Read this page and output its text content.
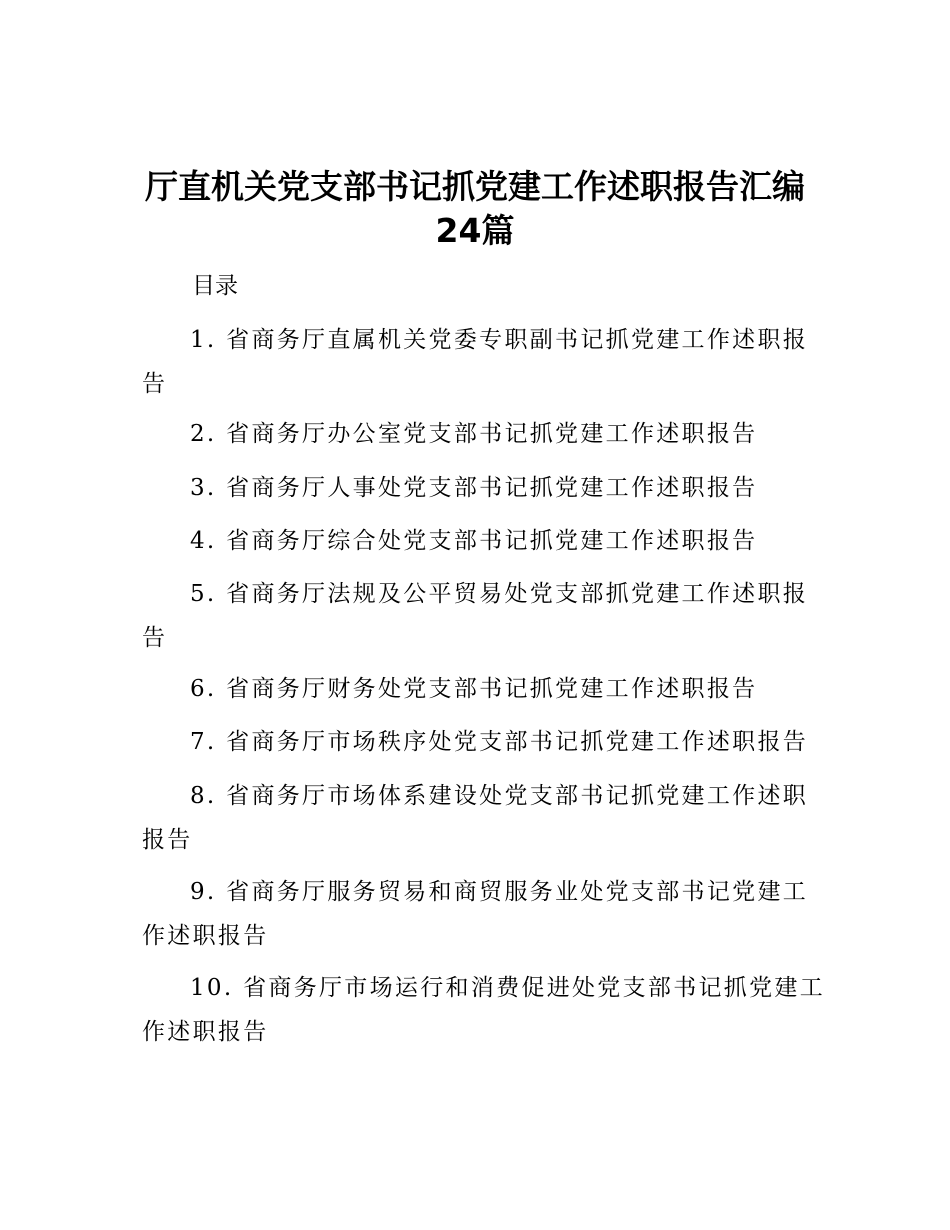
厅直机关党支部书记抓党建工作述职报告汇编
24篇
目录
1. 省商务厅直属机关党委专职副书记抓党建工作述职报
告
2. 省商务厅办公室党支部书记抓党建工作述职报告
3. 省商务厅人事处党支部书记抓党建工作述职报告
4. 省商务厅综合处党支部书记抓党建工作述职报告
5. 省商务厅法规及公平贸易处党支部抓党建工作述职报
告
6. 省商务厅财务处党支部书记抓党建工作述职报告
7. 省商务厅市场秩序处党支部书记抓党建工作述职报告
8. 省商务厅市场体系建设处党支部书记抓党建工作述职
报告
9. 省商务厅服务贸易和商贸服务业处党支部书记党建工
作述职报告
10. 省商务厅市场运行和消费促进处党支部书记抓党建工
作述职报告
